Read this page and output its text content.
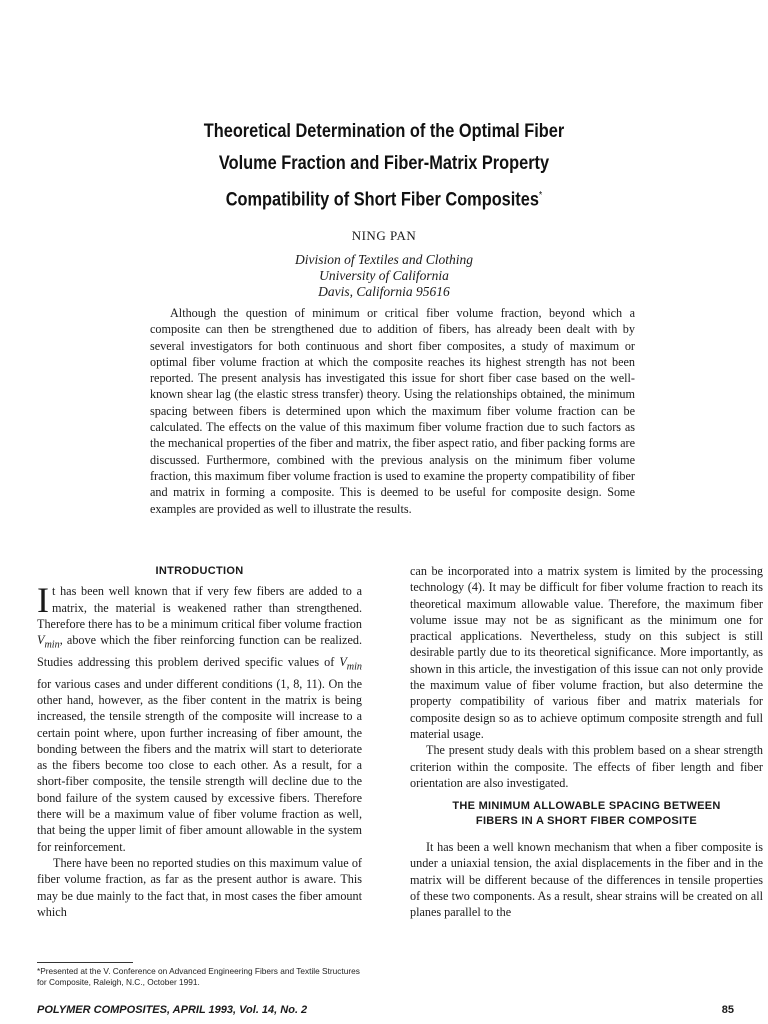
Theoretical Determination of the Optimal Fiber
Volume Fraction and Fiber-Matrix Property
Compatibility of Short Fiber Composites*
NING PAN
Division of Textiles and Clothing
University of California
Davis, California 95616

Although the question of minimum or critical fiber volume fraction, beyond which a composite can then be strengthened due to addition of fibers, has already been dealt with by several investigators for both continuous and short fiber composites, a study of maximum or optimal fiber volume fraction at which the composite reaches its highest strength has not been reported. The present analysis has investigated this issue for short fiber case based on the well-known shear lag (the elastic stress transfer) theory. Using the relationships obtained, the minimum spacing between fibers is determined upon which the maximum fiber volume fraction can be calculated. The effects on the value of this maximum fiber volume fraction due to such factors as the mechanical properties of the fiber and matrix, the fiber aspect ratio, and fiber packing forms are discussed. Furthermore, combined with the previous analysis on the minimum fiber volume fraction, this maximum fiber volume fraction is used to examine the property compatibility of fiber and matrix in forming a composite. This is deemed to be useful for composite design. Some examples are provided as well to illustrate the results.

INTRODUCTION

It has been well known that if very few fibers are added to a matrix, the material is weakened rather than strengthened. Therefore there has to be a minimum critical fiber volume fraction $V_{min}$, above which the fiber reinforcing function can be realized. Studies addressing this problem derived specific values of $V_{min}$ for various cases and under different conditions (1, 8, 11). On the other hand, however, as the fiber content in the matrix is being increased, the tensile strength of the composite will increase to a certain point where, upon further increasing of fiber amount, the bonding between the fibers and the matrix will start to deteriorate as the fibers become too close to each other. As a result, for a short-fiber composite, the tensile strength will decline due to the bond failure of the system caused by excessive fibers. Therefore there will be a maximum value of fiber volume fraction as well, that being the upper limit of fiber amount allowable in the system for reinforcement.

There have been no reported studies on this maximum value of fiber volume fraction, as far as the present author is aware. This may be due mainly to the fact that, in most cases the fiber amount which

can be incorporated into a matrix system is limited by the processing technology (4). It may be difficult for fiber volume fraction to reach its theoretical maximum allowable value. Therefore, the maximum fiber volume issue may not be as significant as the minimum one for practical applications. Nevertheless, study on this subject is still desirable partly due to its theoretical significance. More importantly, as shown in this article, the investigation of this issue can not only provide the maximum value of fiber volume fraction, but also determine the property compatibility of various fiber and matrix materials for composite design so as to achieve optimum composite strength and full material usage.

The present study deals with this problem based on a shear strength criterion within the composite. The effects of fiber length and fiber orientation are also investigated.

THE MINIMUM ALLOWABLE SPACING BETWEEN FIBERS IN A SHORT FIBER COMPOSITE

It has been a well known mechanism that when a fiber composite is under a uniaxial tension, the axial displacements in the fiber and in the matrix will be different because of the differences in tensile properties of these two components. As a result, shear strains will be created on all planes parallel to the

*Presented at the V. Conference on Advanced Engineering Fibers and Textile Structures for Composite, Raleigh, N.C., October 1991.
POLYMER COMPOSITES, APRIL 1993, Vol. 14, No. 2	85
